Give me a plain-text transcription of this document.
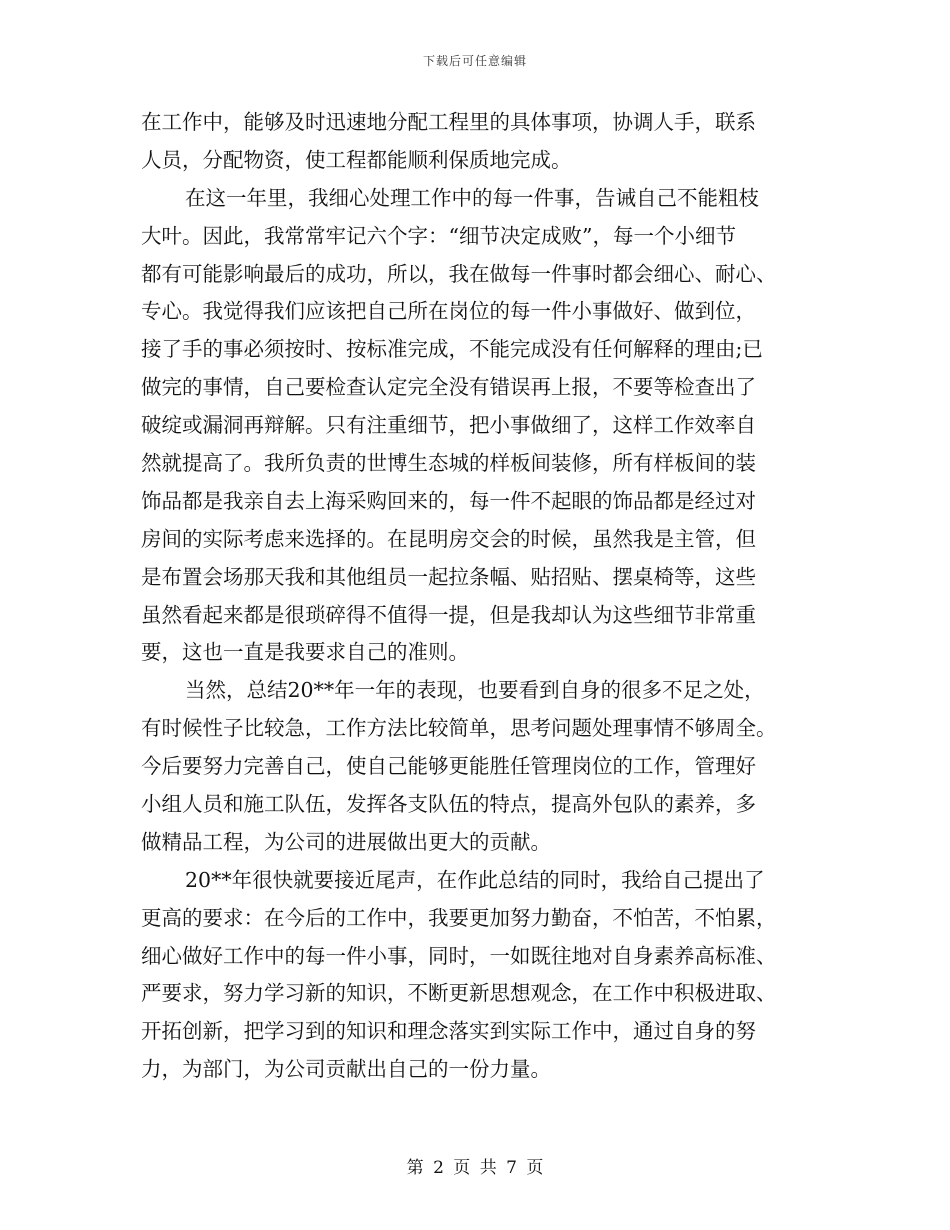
下载后可任意编辑
在工作中，能够及时迅速地分配工程里的具体事项，协调人手，联系
人员，分配物资，使工程都能顺利保质地完成。
在这一年里，我细心处理工作中的每一件事，告诫自己不能粗枝
大叶。因此，我常常牢记六个字：“细节决定成败”，每一个小细节
都有可能影响最后的成功，所以，我在做每一件事时都会细心、耐心、
专心。我觉得我们应该把自己所在岗位的每一件小事做好、做到位，
接了手的事必须按时、按标准完成，不能完成没有任何解释的理由;已
做完的事情，自己要检查认定完全没有错误再上报，不要等检查出了
破绽或漏洞再辩解。只有注重细节，把小事做细了，这样工作效率自
然就提高了。我所负责的世博生态城的样板间装修，所有样板间的装
饰品都是我亲自去上海采购回来的，每一件不起眼的饰品都是经过对
房间的实际考虑来选择的。在昆明房交会的时候，虽然我是主管，但
是布置会场那天我和其他组员一起拉条幅、贴招贴、摆桌椅等，这些
虽然看起来都是很琐碎得不值得一提，但是我却认为这些细节非常重
要，这也一直是我要求自己的准则。
当然，总结20**年一年的表现，也要看到自身的很多不足之处，
有时候性子比较急，工作方法比较简单，思考问题处理事情不够周全。
今后要努力完善自己，使自己能够更能胜任管理岗位的工作，管理好
小组人员和施工队伍，发挥各支队伍的特点，提高外包队的素养，多
做精品工程，为公司的进展做出更大的贡献。
20**年很快就要接近尾声，在作此总结的同时，我给自己提出了
更高的要求：在今后的工作中，我要更加努力勤奋，不怕苦，不怕累，
细心做好工作中的每一件小事，同时，一如既往地对自身素养高标准、
严要求，努力学习新的知识，不断更新思想观念，在工作中积极进取、
开拓创新，把学习到的知识和理念落实到实际工作中，通过自身的努
力，为部门，为公司贡献出自己的一份力量。
第 2 页 共 7 页
